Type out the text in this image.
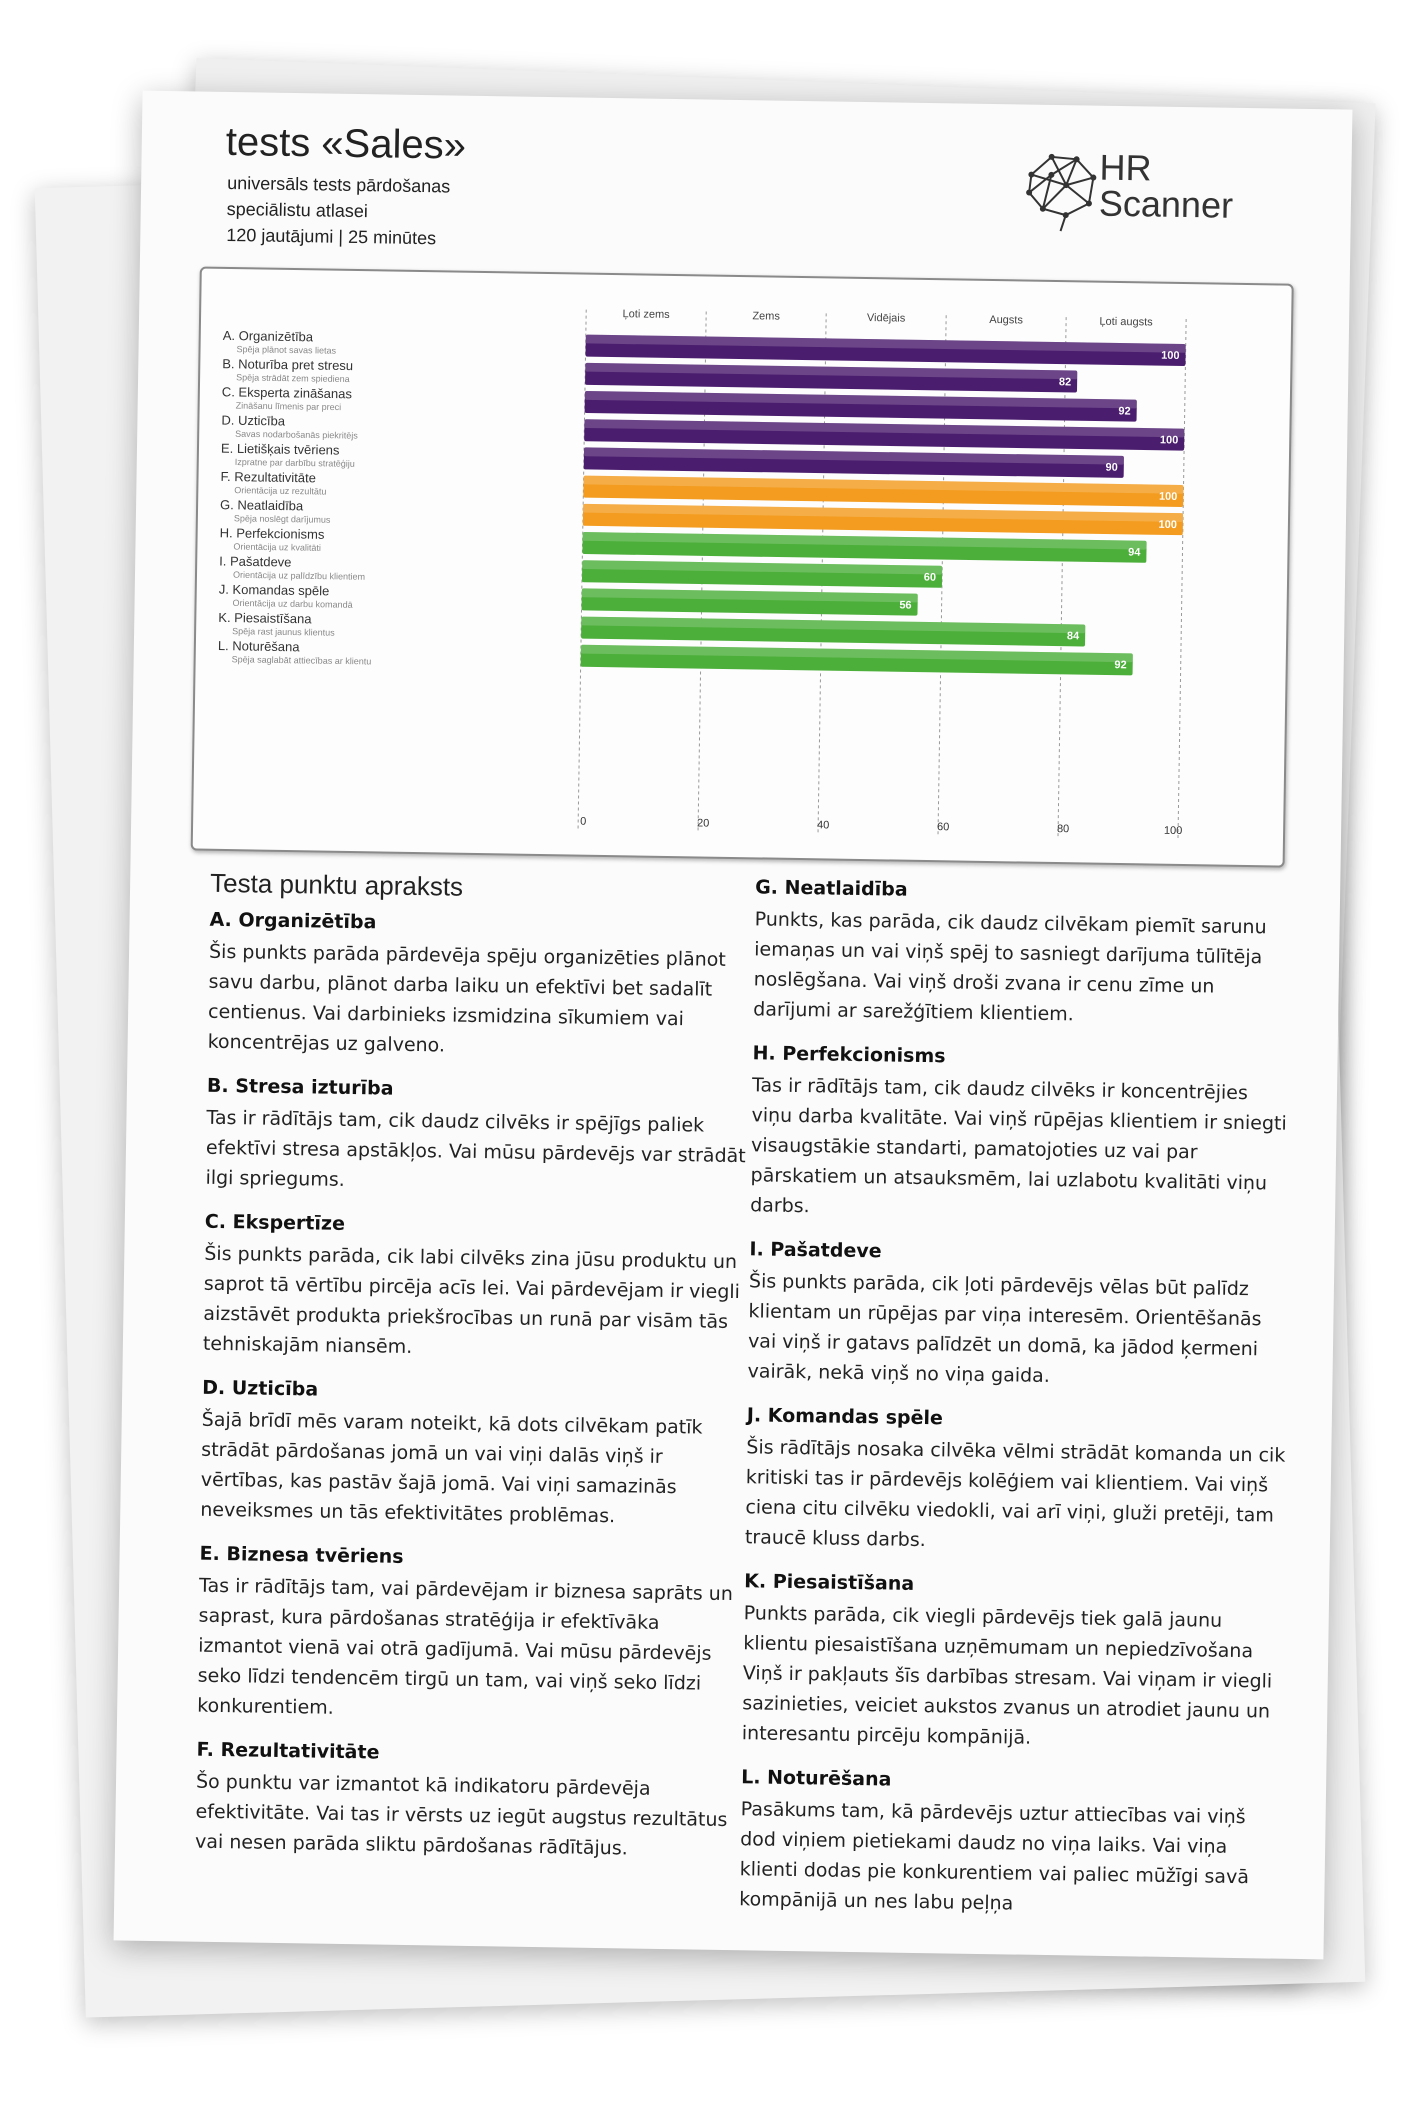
tests «Sales»
universāls tests pārdošanas
speciālistu atlasei
120 jautājumi | 25 minūtes
HR
Scanner
Ļoti zems	Zems	Vidējais	Augsts	Ļoti augsts
0	20	40	60	80	100
100
A. Organizētība
Spēja plānot savas lietas
82
B. Noturība pret stresu
Spēja strādāt zem spiediena
92
C. Eksperta zināšanas
Zināšanu līmenis par preci
100
D. Uzticība
Savas nodarbošanās piekritējs
90
E. Lietišķais tvēriens
Izpratne par darbību stratēģiju
100
F. Rezultativitāte
Orientācija uz rezultātu
100
G. Neatlaidība
Spēja noslēgt darījumus
94
H. Perfekcionisms
Orientācija uz kvalitāti
60
I. Pašatdeve
Orientācija uz palīdzību klientiem
56
J. Komandas spēle
Orientācija uz darbu komandā
84
K. Piesaistīšana
Spēja rast jaunus klientus
92
L. Noturēšana
Spēja saglabāt attiecības ar klientu
Testa punktu apraksts
A. Organizētība

Šis punkts parāda pārdevēja spēju organizēties plānot savu darbu, plānot darba laiku un efektīvi bet sadalīt centienus. Vai darbinieks izsmidzina sīkumiem vai koncentrējas uz galveno.

B. Stresa izturība

Tas ir rādītājs tam, cik daudz cilvēks ir spējīgs paliek efektīvi stresa apstākļos. Vai mūsu pārdevējs var strādāt ilgi spriegums.

C. Ekspertīze

Šis punkts parāda, cik labi cilvēks zina jūsu produktu un saprot tā vērtību pircēja acīs lei. Vai pārdevējam ir viegli aizstāvēt produkta priekšrocības un runā par visām tās tehniskajām niansēm.

D. Uzticība

Šajā brīdī mēs varam noteikt, kā dots cilvēkam patīk strādāt pārdošanas jomā un vai viņi dalās viņš ir vērtības, kas pastāv šajā jomā. Vai viņi samazinās neveiksmes un tās efektivitātes problēmas.

E. Biznesa tvēriens

Tas ir rādītājs tam, vai pārdevējam ir biznesa saprāts un saprast, kura pārdošanas stratēģija ir efektīvāka izmantot vienā vai otrā gadījumā. Vai mūsu pārdevējs seko līdzi tendencēm tirgū un tam, vai viņš seko līdzi konkurentiem.

F. Rezultativitāte

Šo punktu var izmantot kā indikatoru pārdevēja efektivitāte. Vai tas ir vērsts uz iegūt augstus rezultātus vai nesen parāda sliktu pārdošanas rādītājus.

G. Neatlaidība

Punkts, kas parāda, cik daudz cilvēkam piemīt sarunu iemaņas un vai viņš spēj to sasniegt darījuma tūlītēja noslēgšana. Vai viņš droši zvana ir cenu zīme un darījumi ar sarežģītiem klientiem.

H. Perfekcionisms

Tas ir rādītājs tam, cik daudz cilvēks ir koncentrējies viņu darba kvalitāte. Vai viņš rūpējas klientiem ir sniegti visaugstākie standarti, pamatojoties uz vai par pārskatiem un atsauksmēm, lai uzlabotu kvalitāti viņu darbs.

I. Pašatdeve

Šis punkts parāda, cik ļoti pārdevējs vēlas būt palīdz klientam un rūpējas par viņa interesēm. Orientēšanās vai viņš ir gatavs palīdzēt un domā, ka jādod ķermeni vairāk, nekā viņš no viņa gaida.

J. Komandas spēle

Šis rādītājs nosaka cilvēka vēlmi strādāt komanda un cik kritiski tas ir pārdevējs kolēģiem vai klientiem. Vai viņš ciena citu cilvēku viedokli, vai arī viņi, gluži pretēji, tam traucē kluss darbs.

K. Piesaistīšana

Punkts parāda, cik viegli pārdevējs tiek galā jaunu klientu piesaistīšana uzņēmumam un nepiedzīvošana Viņš ir pakļauts šīs darbības stresam. Vai viņam ir viegli sazinieties, veiciet aukstos zvanus un atrodiet jaunu un interesantu pircēju kompānijā.

L. Noturēšana

Pasākums tam, kā pārdevējs uztur attiecības vai viņš dod viņiem pietiekami daudz no viņa laiks. Vai viņa klienti dodas pie konkurentiem vai paliec mūžīgi savā kompānijā un nes labu peļņa
